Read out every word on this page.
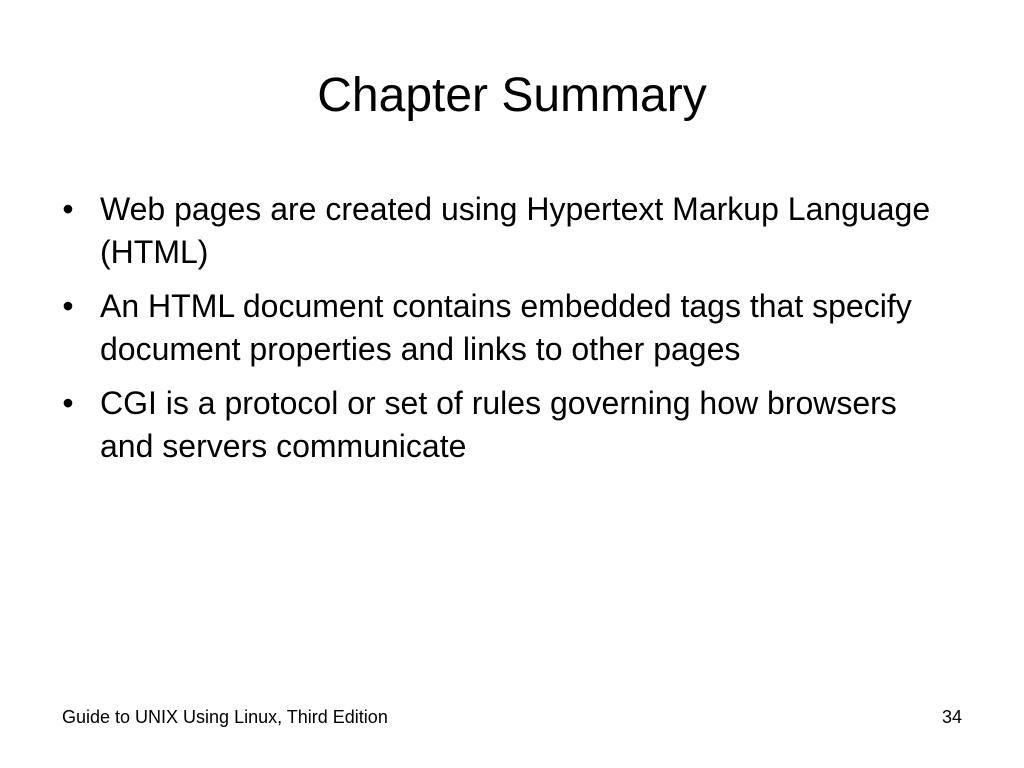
Chapter Summary
• Web pages are created using Hypertext Markup Language (HTML)
• An HTML document contains embedded tags that specify document properties and links to other pages
• CGI is a protocol or set of rules governing how browsers and servers communicate
Guide to UNIX Using Linux, Third Edition	34
